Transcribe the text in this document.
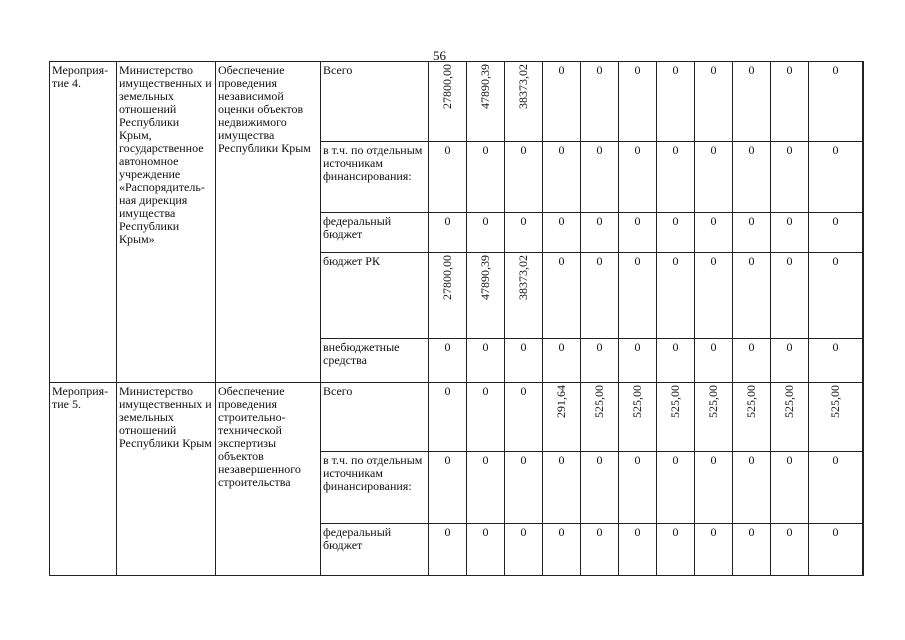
56
Мероприя-
тие 4.	Министерство имущественных и земельных отношений Республики Крым, государственное автономное учреждение «Распорядитель-ная дирекция имущества Республики Крым»	Обеспечение проведения независимой оценки объектов недвижимого имущества Республики Крым	Всего	27800,00	47890,39	38373,02	0	0	0	0	0	0	0	0	
			в т.ч. по отдельным источникам финансирования:	0	0	0	0	0	0	0	0	0	0	0	
			федеральный бюджет	0	0	0	0	0	0	0	0	0	0	0	
			бюджет РК	27800,00	47890,39	38373,02	0	0	0	0	0	0	0	0	
			внебюджетные средства	0	0	0	0	0	0	0	0	0	0	0	
Мероприя-
тие 5.	Министерство имущественных и земельных отношений Республики Крым	Обеспечение проведения строительно-технической экспертизы объектов незавершенного строительства	Всего	0	0	0	291,64	525,00	525,00	525,00	525,00	525,00	525,00	525,00	
			в т.ч. по отдельным источникам финансирования:	0	0	0	0	0	0	0	0	0	0	0	
			федеральный бюджет	0	0	0	0	0	0	0	0	0	0	0	
